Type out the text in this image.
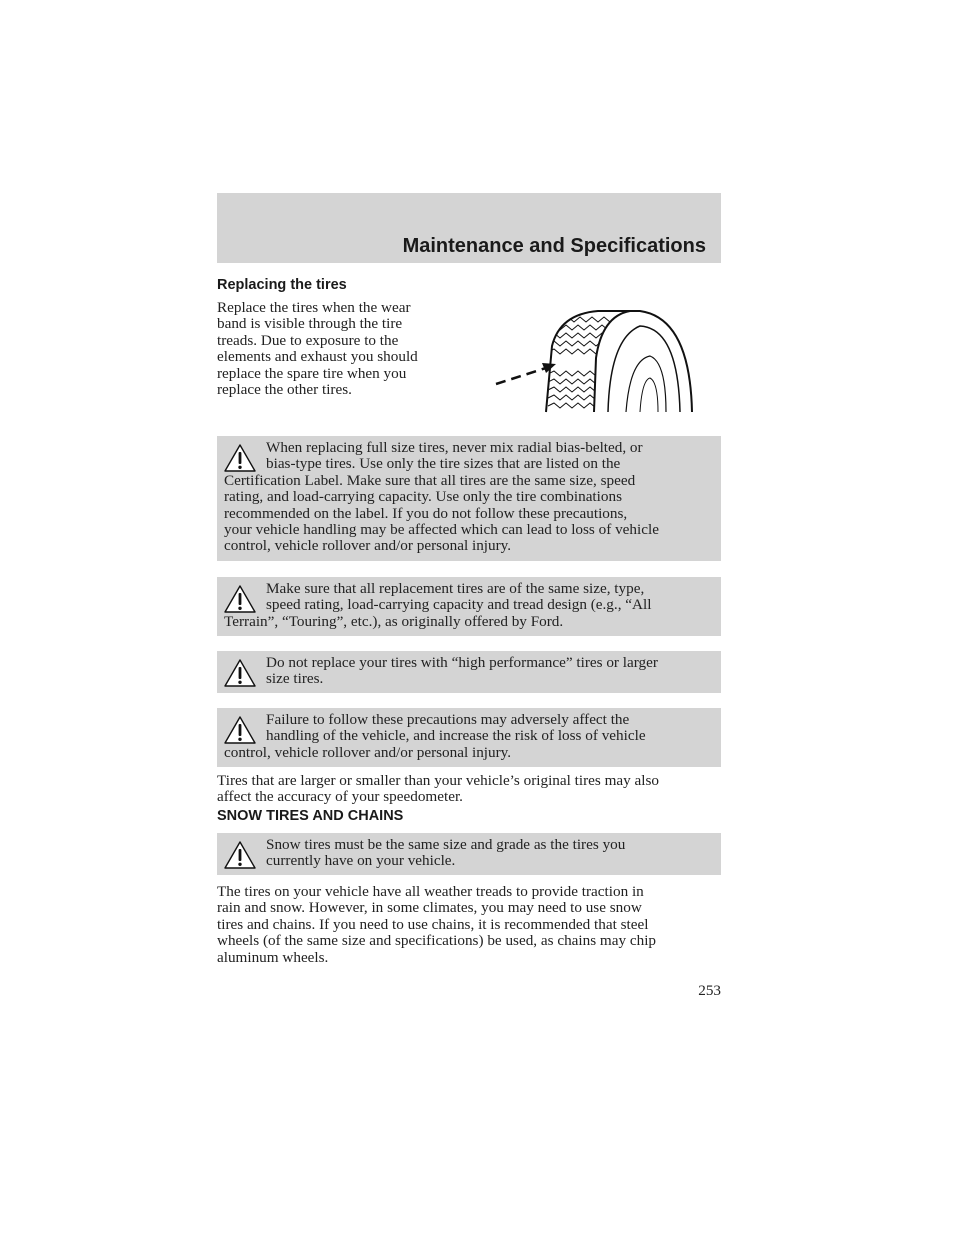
Maintenance and Specifications
Replacing the tires

Replace the tires when the wear
band is visible through the tire
treads. Due to exposure to the
elements and exhaust you should
replace the spare tire when you
replace the other tires.

When replacing full size tires, never mix radial bias-belted, or
bias-type tires. Use only the tire sizes that are listed on the
Certification Label. Make sure that all tires are the same size, speed
rating, and load-carrying capacity. Use only the tire combinations
recommended on the label. If you do not follow these precautions,
your vehicle handling may be affected which can lead to loss of vehicle
control, vehicle rollover and/or personal injury.

Make sure that all replacement tires are of the same size, type,
speed rating, load-carrying capacity and tread design (e.g., “All
Terrain”, “Touring”, etc.), as originally offered by Ford.

Do not replace your tires with “high performance” tires or larger
size tires.

Failure to follow these precautions may adversely affect the
handling of the vehicle, and increase the risk of loss of vehicle
control, vehicle rollover and/or personal injury.

Tires that are larger or smaller than your vehicle’s original tires may also
affect the accuracy of your speedometer.

SNOW TIRES AND CHAINS

Snow tires must be the same size and grade as the tires you
currently have on your vehicle.

The tires on your vehicle have all weather treads to provide traction in
rain and snow. However, in some climates, you may need to use snow
tires and chains. If you need to use chains, it is recommended that steel
wheels (of the same size and specifications) be used, as chains may chip
aluminum wheels.

253
